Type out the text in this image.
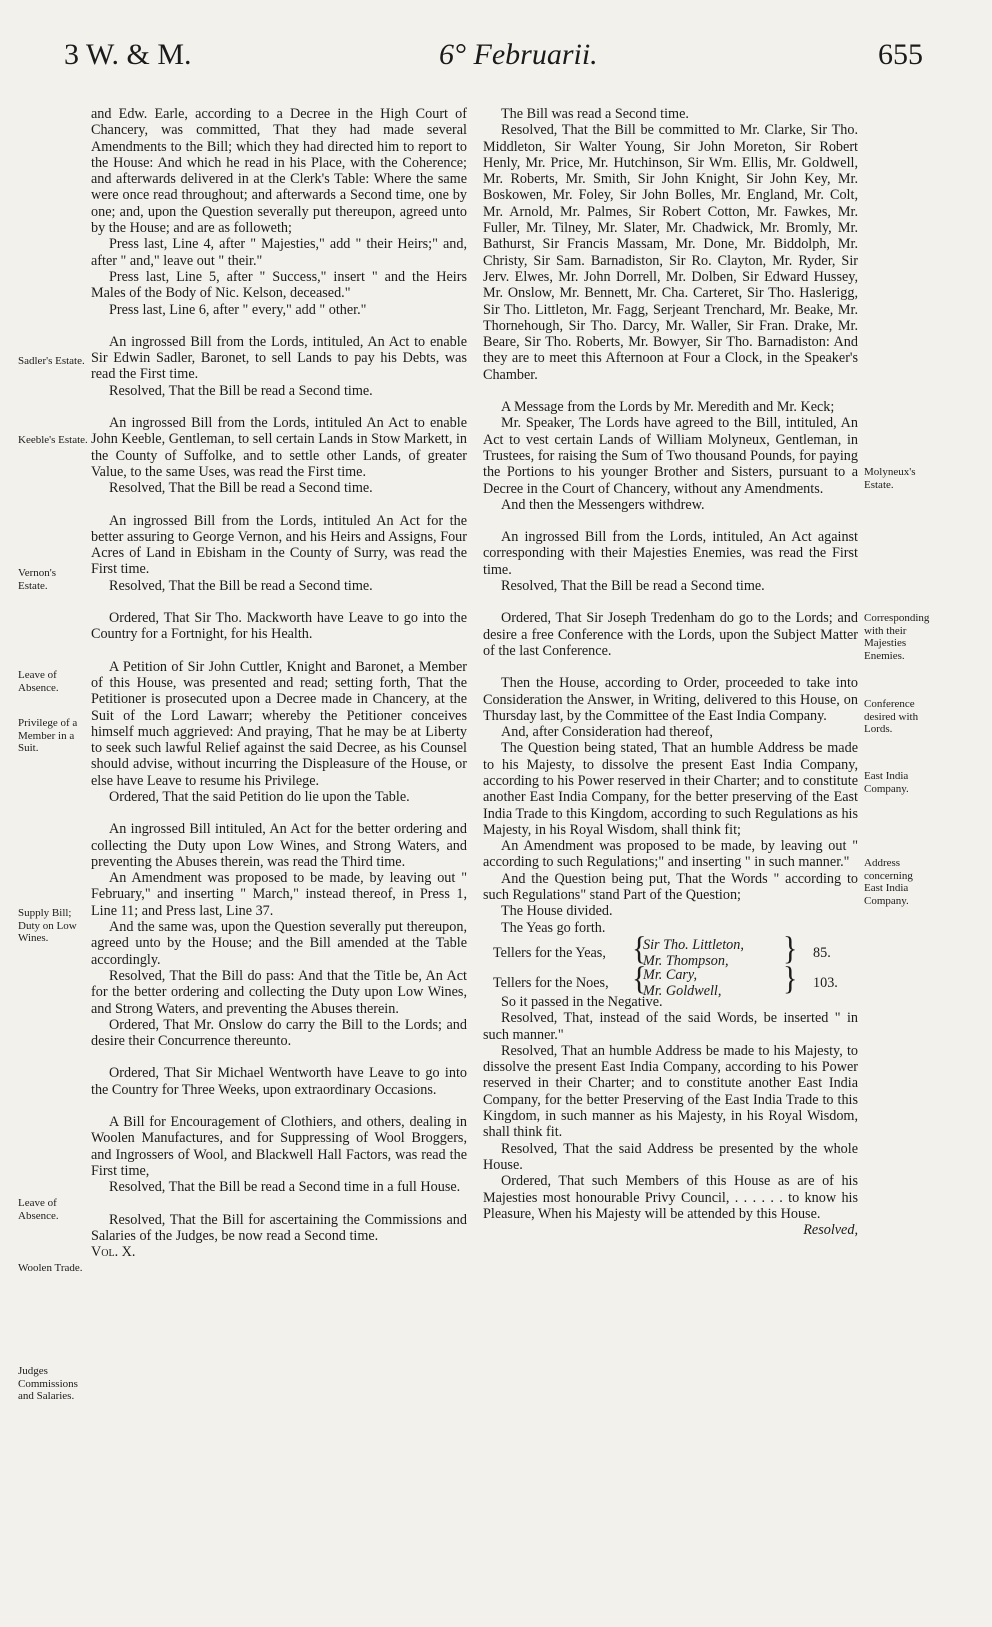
3 W. & M.	6° Februarii.	655
Sadler's Estate.
Keeble's Estate.
Vernon's Estate.
Leave of Absence.
Privilege of a Member in a Suit.
Supply Bill; Duty on Low Wines.
Leave of Absence.
Woolen Trade.
Judges Commissions and Salaries.
Molyneux's Estate.
Corresponding with their Majesties Enemies.
Conference desired with Lords.
East India Company.
Address concerning East India Company.

and Edw. Earle, according to a Decree in the High Court of Chancery, was committed, That they had made several Amendments to the Bill; which they had directed him to report to the House: And which he read in his Place, with the Coherence; and afterwards delivered in at the Clerk's Table: Where the same were once read throughout; and afterwards a Second time, one by one; and, upon the Question severally put thereupon, agreed unto by the House; and are as followeth;

Press last, Line 4, after " Majesties," add " their Heirs;" and, after " and," leave out " their."

Press last, Line 5, after " Success," insert " and the Heirs Males of the Body of Nic. Kelson, deceased."

Press last, Line 6, after " every," add " other."

An ingrossed Bill from the Lords, intituled, An Act to enable Sir Edwin Sadler, Baronet, to sell Lands to pay his Debts, was read the First time.

Resolved, That the Bill be read a Second time.

An ingrossed Bill from the Lords, intituled An Act to enable John Keeble, Gentleman, to sell certain Lands in Stow Markett, in the County of Suffolke, and to settle other Lands, of greater Value, to the same Uses, was read the First time.

Resolved, That the Bill be read a Second time.

An ingrossed Bill from the Lords, intituled An Act for the better assuring to George Vernon, and his Heirs and Assigns, Four Acres of Land in Ebisham in the County of Surry, was read the First time.

Resolved, That the Bill be read a Second time.

Ordered, That Sir Tho. Mackworth have Leave to go into the Country for a Fortnight, for his Health.

A Petition of Sir John Cuttler, Knight and Baronet, a Member of this House, was presented and read; setting forth, That the Petitioner is prosecuted upon a Decree made in Chancery, at the Suit of the Lord Lawarr; whereby the Petitioner conceives himself much aggrieved: And praying, That he may be at Liberty to seek such lawful Relief against the said Decree, as his Counsel should advise, without incurring the Displeasure of the House, or else have Leave to resume his Privilege.

Ordered, That the said Petition do lie upon the Table.

An ingrossed Bill intituled, An Act for the better ordering and collecting the Duty upon Low Wines, and Strong Waters, and preventing the Abuses therein, was read the Third time.

An Amendment was proposed to be made, by leaving out " February," and inserting " March," instead thereof, in Press 1, Line 11; and Press last, Line 37.

And the same was, upon the Question severally put thereupon, agreed unto by the House; and the Bill amended at the Table accordingly.

Resolved, That the Bill do pass: And that the Title be, An Act for the better ordering and collecting the Duty upon Low Wines, and Strong Waters, and preventing the Abuses therein.

Ordered, That Mr. Onslow do carry the Bill to the Lords; and desire their Concurrence thereunto.

Ordered, That Sir Michael Wentworth have Leave to go into the Country for Three Weeks, upon extraordinary Occasions.

A Bill for Encouragement of Clothiers, and others, dealing in Woolen Manufactures, and for Suppressing of Wool Broggers, and Ingrossers of Wool, and Blackwell Hall Factors, was read the First time,

Resolved, That the Bill be read a Second time in a full House.

Resolved, That the Bill for ascertaining the Commissions and Salaries of the Judges, be now read a Second time.

Vol. X.

The Bill was read a Second time.

Resolved, That the Bill be committed to Mr. Clarke, Sir Tho. Middleton, Sir Walter Young, Sir John Moreton, Sir Robert Henly, Mr. Price, Mr. Hutchinson, Sir Wm. Ellis, Mr. Goldwell, Mr. Roberts, Mr. Smith, Sir John Knight, Sir John Key, Mr. Boskowen, Mr. Foley, Sir John Bolles, Mr. England, Mr. Colt, Mr. Arnold, Mr. Palmes, Sir Robert Cotton, Mr. Fawkes, Mr. Fuller, Mr. Tilney, Mr. Slater, Mr. Chadwick, Mr. Bromly, Mr. Bathurst, Sir Francis Massam, Mr. Done, Mr. Biddolph, Mr. Christy, Sir Sam. Barnadiston, Sir Ro. Clayton, Mr. Ryder, Sir Jerv. Elwes, Mr. John Dorrell, Mr. Dolben, Sir Edward Hussey, Mr. Onslow, Mr. Bennett, Mr. Cha. Carteret, Sir Tho. Haslerigg, Sir Tho. Littleton, Mr. Fagg, Serjeant Trenchard, Mr. Beake, Mr. Thornehough, Sir Tho. Darcy, Mr. Waller, Sir Fran. Drake, Mr. Beare, Sir Tho. Roberts, Mr. Bowyer, Sir Tho. Barnadiston: And they are to meet this Afternoon at Four a Clock, in the Speaker's Chamber.

A Message from the Lords by Mr. Meredith and Mr. Keck;

Mr. Speaker, The Lords have agreed to the Bill, intituled, An Act to vest certain Lands of William Molyneux, Gentleman, in Trustees, for raising the Sum of Two thousand Pounds, for paying the Portions to his younger Brother and Sisters, pursuant to a Decree in the Court of Chancery, without any Amendments.

And then the Messengers withdrew.

An ingrossed Bill from the Lords, intituled, An Act against corresponding with their Majesties Enemies, was read the First time.

Resolved, That the Bill be read a Second time.

Ordered, That Sir Joseph Tredenham do go to the Lords; and desire a free Conference with the Lords, upon the Subject Matter of the last Conference.

Then the House, according to Order, proceeded to take into Consideration the Answer, in Writing, delivered to this House, on Thursday last, by the Committee of the East India Company.

And, after Consideration had thereof,

The Question being stated, That an humble Address be made to his Majesty, to dissolve the present East India Company, according to his Power reserved in their Charter; and to constitute another East India Company, for the better preserving of the East India Trade to this Kingdom, according to such Regulations as his Majesty, in his Royal Wisdom, shall think fit;

An Amendment was proposed to be made, by leaving out " according to such Regulations;" and inserting " in such manner."

And the Question being put, That the Words " according to such Regulations" stand Part of the Question;

The House divided.

The Yeas go forth.

Tellers for the Yeas, {
Sir Tho. Littleton,
Mr. Thompson, } 85.
Tellers for the Noes, {
Mr. Cary,
Mr. Goldwell, } 103.

So it passed in the Negative.

Resolved, That, instead of the said Words, be inserted " in such manner."

Resolved, That an humble Address be made to his Majesty, to dissolve the present East India Company, according to his Power reserved in their Charter; and to constitute another East India Company, for the better Preserving of the East India Trade to this Kingdom, in such manner as his Majesty, in his Royal Wisdom, shall think fit.

Resolved, That the said Address be presented by the whole House.

Ordered, That such Members of this House as are of his Majesties most honourable Privy Council, . . . . . . to know his Pleasure, When his Majesty will be attended by this House.

Resolved,
